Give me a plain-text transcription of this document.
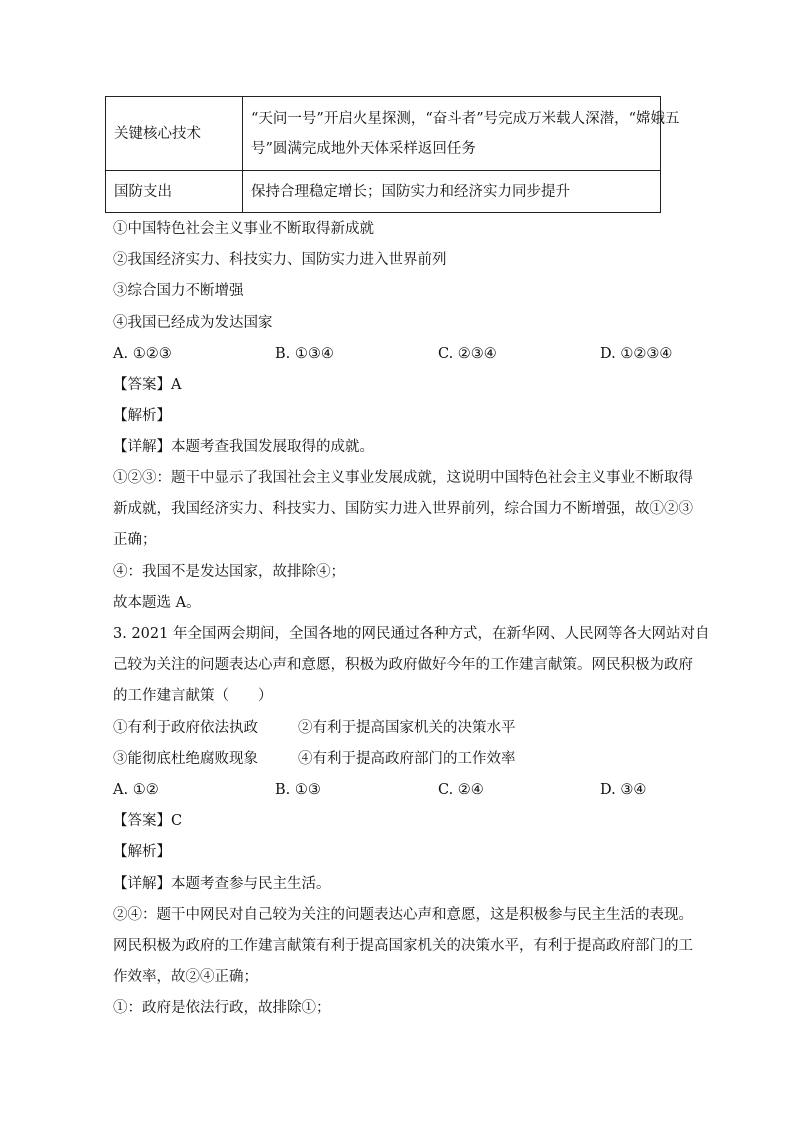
关键核心技术	“天问一号”开启火星探测，“奋斗者”号完成万米载人深潜，“嫦娥五
号”圆满完成地外天体采样返回任务

国防支出	保持合理稳定增长；国防实力和经济实力同步提升
①中国特色社会主义事业不断取得新成就
②我国经济实力、科技实力、国防实力进入世界前列
③综合国力不断增强
④我国已经成为发达国家
A. ①②③	B. ①③④	C. ②③④	D. ①②③④
【答案】A
【解析】
【详解】本题考查我国发展取得的成就。
①②③：题干中显示了我国社会主义事业发展成就，这说明中国特色社会主义事业不断取得
新成就，我国经济实力、科技实力、国防实力进入世界前列，综合国力不断增强，故①②③
正确；
④：我国不是发达国家，故排除④；
故本题选 A。
3. 2021 年全国两会期间，全国各地的网民通过各种方式，在新华网、人民网等各大网站对自
己较为关注的问题表达心声和意愿，积极为政府做好今年的工作建言献策。网民积极为政府
的工作建言献策（　　）
①有利于政府依法执政	②有利于提高国家机关的决策水平
③能彻底杜绝腐败现象	④有利于提高政府部门的工作效率
A. ①②	B. ①③	C. ②④	D. ③④
【答案】C
【解析】
【详解】本题考查参与民主生活。
②④：题干中网民对自己较为关注的问题表达心声和意愿，这是积极参与民主生活的表现。
网民积极为政府的工作建言献策有利于提高国家机关的决策水平，有利于提高政府部门的工
作效率，故②④正确；
①：政府是依法行政，故排除①；
